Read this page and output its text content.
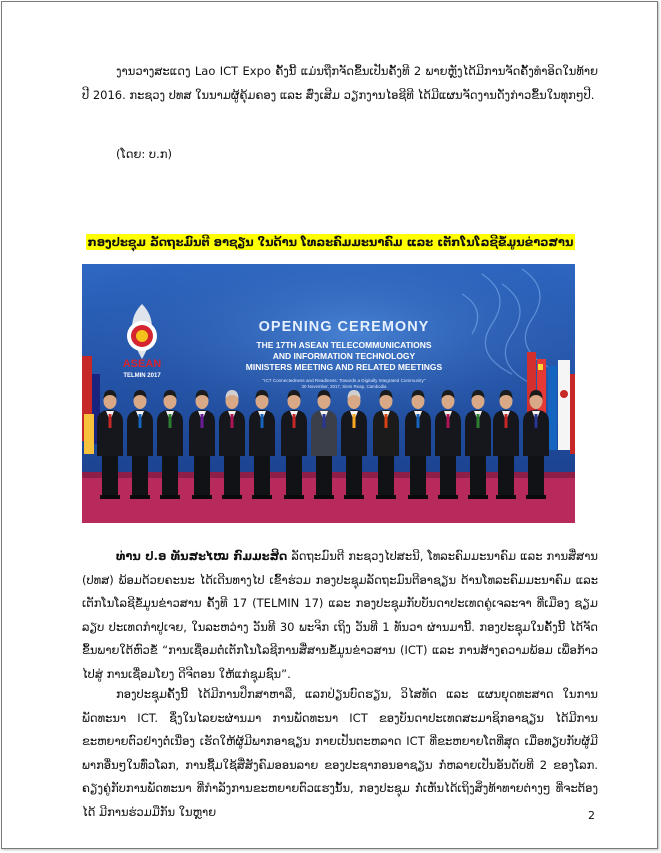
ງານວາງສະແດງ Lao ICT Expo ຄັ້ງນີ້ ແມ່ນຖືກຈັດຂຶ້ນເປັນຄັ້ງທີ 2 ພາຍຫຼັງໄດ້ມີການຈັດຄັ້ງທຳອິດໃນທ້າຍປີ 2016. ກະຊວງ ປທສ ໃນນາມຜູ້ຄຸ້ມຄອງ ແລະ ສົ່ງເສີມ ວຽກງານໄອຊີທີ ໄດ້ມີແຜນຈັດງານດັ່ງກ່າວຂຶ້ນໃນທຸກໆປີ.

(ໂດຍ: ບ.ກ)

ກອງປະຊຸມ ລັດຖະມົນຕີ ອາຊຽນ ໃນດ້ານ ໂທລະຄົມມະນາຄົມ ແລະ ເຕັກໂນໂລຊີຂໍ້ມູນຂ່າວສານ

ASEAN
TELMIN 2017
OPENING CEREMONY
THE 17TH ASEAN TELECOMMUNICATIONS
AND INFORMATION TECHNOLOGY
MINISTERS MEETING AND RELATED MEETINGS
"ICT Connectedness and Readiness: Towards a Digitally Integrated Community"
30 November, 2017, Siem Reap, Cambodia

ທ່ານ ປ.ອ ທັນສະໄໝ ກົມມະສິດ ລັດຖະມົນຕີ ກະຊວງໄປສະນີ, ໂທລະຄົມມະນາຄົມ ແລະ ການສື່ສານ (ປທສ) ພ້ອມດ້ວຍຄະນະ ໄດ້ເດີນທາງໄປ ເຂົ້າຮ່ວມ ກອງປະຊຸມລັດຖະມົນຕີອາຊຽນ ດ້ານໂທລະຄົມມະນາຄົມ ແລະ ເຕັກໂນໂລຊີຂໍ້ມູນຂ່າວສານ ຄັ້ງທີ 17 (TELMIN 17) ແລະ ກອງປະຊຸມກັບບັນດາປະເທດຄູ່ເຈລະຈາ ທີ່ເມືອງ ຊຽມລຽບ ປະເທດກຳປູເຈຍ, ໃນລະຫວ່າງ ວັນທີ 30 ພະຈິກ ເຖິງ ວັນທີ 1 ທັນວາ ຜ່ານມານີ້. ກອງປະຊຸມໃນຄັ້ງນີ້ ໄດ້ຈັດຂຶ້ນພາຍໃຕ້ຫົວຂໍ້ “ການເຊື່ອມຕໍ່ເຕັກໂນໂລຊີການສື່ສານຂໍ້ມູນຂ່າວສານ (ICT) ແລະ ການສ້າງຄວາມພ້ອມ ເພື່ອກ້າວໄປສູ່ ການເຊື່ອມໂຍງ ດີຈີຕອນ ໃຫ້ແກ່ຊຸມຊົນ”.

ກອງປະຊຸມຄັ້ງນີ້ ໄດ້ມີການປຶກສາຫາລື, ແລກປ່ຽນບົດຮຽນ, ວິໄສທັດ ແລະ ແຜນຍຸດທະສາດ ໃນການພັດທະນາ ICT. ຊຶ່ງໃນໄລຍະຜ່ານມາ ການພັດທະນາ ICT ຂອງບັນດາປະເທດສະມາຊິກອາຊຽນ ໄດ້ມີການຂະຫຍາຍຕົວຢ່າງຕໍ່ເນື່ອງ ເຮັດໃຫ້ຜູ້ມີພາກອາຊຽນ ກາຍເປັນຕະຫລາດ ICT ທີ່ຂະຫຍາຍໂຕທີ່ສຸດ ເມື່ອທຽບກັບຜູ້ມີພາກອື່ນໆໃນທົ່ວໂລກ, ການຊື້ມໃຊ້ສື່ສັງຄົມອອນລາຍ ຂອງປະຊາກອນອາຊຽນ ກໍ່ຫລາຍເປັນອັນດັບທີ 2 ຂອງໂລກ. ຄຽງຄູ່ກັບການພັດທະນາ ທີ່ກຳລັງການຂະຫຍາຍຕົວແຮງນັ້ນ, ກອງປະຊຸມ ກໍ່ເຫັນໄດ້ເຖິງສິ່ງທ້າທາຍຕ່າງໆ ທີ່ຈະຕ້ອງໄດ້ ມີການຮ່ວມມືກັນ ໃນຫຼາຍ	2
